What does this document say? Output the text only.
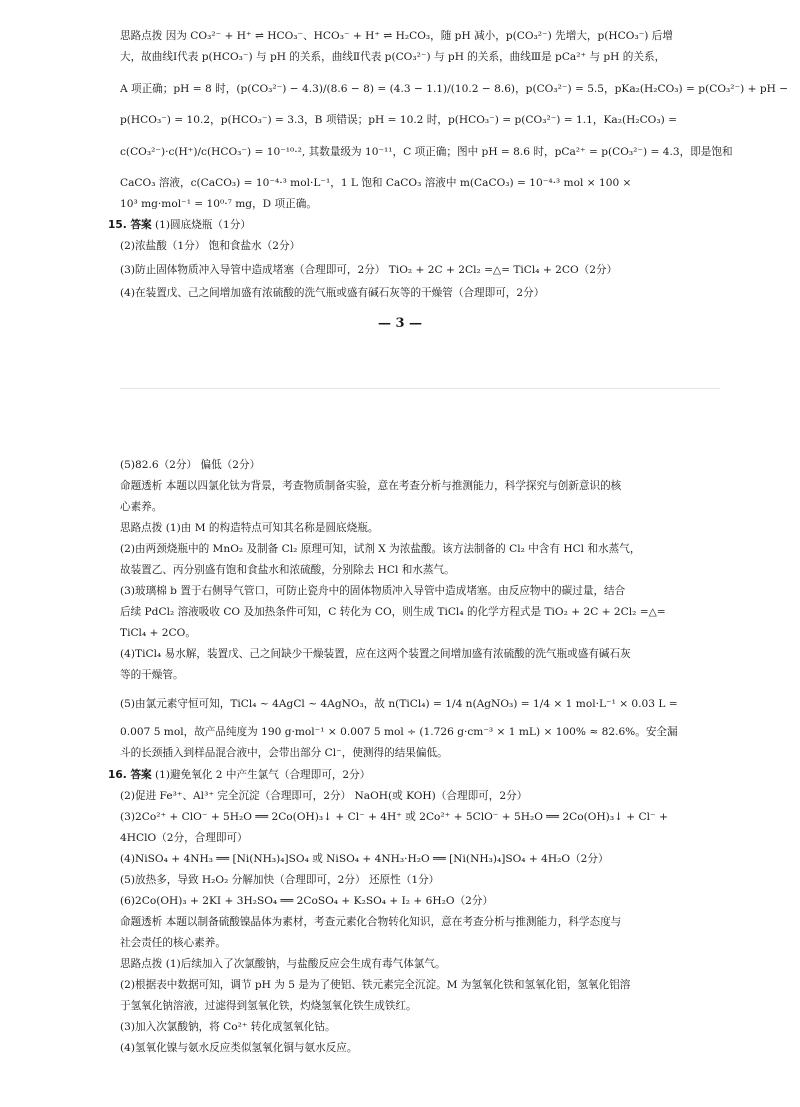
思路点拨 因为 CO₃²⁻ + H⁺ ⇌ HCO₃⁻、HCO₃⁻ + H⁺ ⇌ H₂CO₃，随 pH 减小，p(CO₃²⁻) 先增大，p(HCO₃⁻) 后增
大，故曲线Ⅰ代表 p(HCO₃⁻) 与 pH 的关系，曲线Ⅱ代表 p(CO₃²⁻) 与 pH 的关系，曲线Ⅲ是 pCa²⁺ 与 pH 的关系，
A 项正确；pH = 8 时，(p(CO₃²⁻) − 4.3)/(8.6 − 8) = (4.3 − 1.1)/(10.2 − 8.6)，p(CO₃²⁻) = 5.5，pKa₂(H₂CO₃) = p(CO₃²⁻) + pH −
p(HCO₃⁻) = 10.2，p(HCO₃⁻) = 3.3，B 项错误；pH = 10.2 时，p(HCO₃⁻) = p(CO₃²⁻) = 1.1，Ka₂(H₂CO₃) =
c(CO₃²⁻)·c(H⁺)/c(HCO₃⁻) = 10⁻¹⁰·², 其数量级为 10⁻¹¹，C 项正确；图中 pH = 8.6 时，pCa²⁺ = p(CO₃²⁻) = 4.3，即是饱和
CaCO₃ 溶液，c(CaCO₃) = 10⁻⁴·³ mol·L⁻¹，1 L 饱和 CaCO₃ 溶液中 m(CaCO₃) = 10⁻⁴·³ mol × 100 ×
10³ mg·mol⁻¹ = 10⁰·⁷ mg，D 项正确。
15. 答案 (1)圆底烧瓶（1分）
(2)浓盐酸（1分） 饱和食盐水（2分）
(3)防止固体物质冲入导管中造成堵塞（合理即可，2分） TiO₂ + 2C + 2Cl₂ =△= TiCl₄ + 2CO（2分）
(4)在装置戊、己之间增加盛有浓硫酸的洗气瓶或盛有碱石灰等的干燥管（合理即可，2分）
— 3 —
(5)82.6（2分） 偏低（2分）
命题透析 本题以四氯化钛为背景，考查物质制备实验，意在考查分析与推测能力，科学探究与创新意识的核
心素养。
思路点拨 (1)由 M 的构造特点可知其名称是圆底烧瓶。
(2)由两颈烧瓶中的 MnO₂ 及制备 Cl₂ 原理可知，试剂 X 为浓盐酸。该方法制备的 Cl₂ 中含有 HCl 和水蒸气，
故装置乙、丙分别盛有饱和食盐水和浓硫酸，分别除去 HCl 和水蒸气。
(3)玻璃棉 b 置于右侧导气管口，可防止瓷舟中的固体物质冲入导管中造成堵塞。由反应物中的碳过量，结合
后续 PdCl₂ 溶液吸收 CO 及加热条件可知，C 转化为 CO，则生成 TiCl₄ 的化学方程式是 TiO₂ + 2C + 2Cl₂ =△=
TiCl₄ + 2CO。
(4)TiCl₄ 易水解，装置戊、己之间缺少干燥装置，应在这两个装置之间增加盛有浓硫酸的洗气瓶或盛有碱石灰
等的干燥管。
(5)由氯元素守恒可知，TiCl₄ ~ 4AgCl ~ 4AgNO₃，故 n(TiCl₄) = 1/4 n(AgNO₃) = 1/4 × 1 mol·L⁻¹ × 0.03 L =
0.007 5 mol，故产品纯度为 190 g·mol⁻¹ × 0.007 5 mol ÷ (1.726 g·cm⁻³ × 1 mL) × 100% ≈ 82.6%。安全漏
斗的长颈插入到样品混合液中，会带出部分 Cl⁻，使测得的结果偏低。
16. 答案 (1)避免氧化 2 中产生氯气（合理即可，2分）
(2)促进 Fe³⁺、Al³⁺ 完全沉淀（合理即可，2分） NaOH(或 KOH)（合理即可，2分）
(3)2Co²⁺ + ClO⁻ + 5H₂O ══ 2Co(OH)₃↓ + Cl⁻ + 4H⁺ 或 2Co²⁺ + 5ClO⁻ + 5H₂O ══ 2Co(OH)₃↓ + Cl⁻ +
4HClO（2分，合理即可）
(4)NiSO₄ + 4NH₃ ══ [Ni(NH₃)₄]SO₄ 或 NiSO₄ + 4NH₃·H₂O ══ [Ni(NH₃)₄]SO₄ + 4H₂O（2分）
(5)放热多，导致 H₂O₂ 分解加快（合理即可，2分） 还原性（1分）
(6)2Co(OH)₃ + 2KI + 3H₂SO₄ ══ 2CoSO₄ + K₂SO₄ + I₂ + 6H₂O（2分）
命题透析 本题以制备硫酸镍晶体为素材，考查元素化合物转化知识，意在考查分析与推测能力，科学态度与
社会责任的核心素养。
思路点拨 (1)后续加入了次氯酸钠，与盐酸反应会生成有毒气体氯气。
(2)根据表中数据可知，调节 pH 为 5 是为了使铝、铁元素完全沉淀。M 为氢氧化铁和氢氧化铝，氢氧化铝溶
于氢氧化钠溶液，过滤得到氢氧化铁，灼烧氢氧化铁生成铁红。
(3)加入次氯酸钠，将 Co²⁺ 转化成氢氧化钴。
(4)氢氧化镍与氨水反应类似氢氧化铜与氨水反应。
